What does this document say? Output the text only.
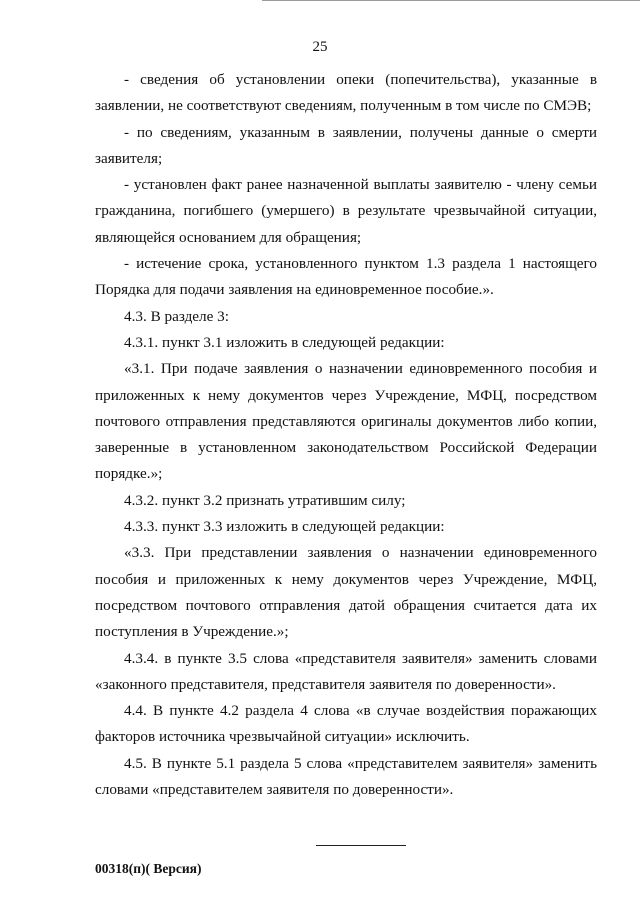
25

- сведения об установлении опеки (попечительства), указанные в заявлении, не соответствуют сведениям, полученным в том числе по СМЭВ;

- по сведениям, указанным в заявлении, получены данные о смерти заявителя;

- установлен факт ранее назначенной выплаты заявителю - члену семьи гражданина, погибшего (умершего) в результате чрезвычайной ситуации, являющейся основанием для обращения;

- истечение срока, установленного пунктом 1.3 раздела 1 настоящего Порядка для подачи заявления на единовременное пособие.».

4.3. В разделе 3:

4.3.1. пункт 3.1 изложить в следующей редакции:

«3.1. При подаче заявления о назначении единовременного пособия и приложенных к нему документов через Учреждение, МФЦ, посредством почтового отправления представляются оригиналы документов либо копии, заверенные в установленном законодательством Российской Федерации порядке.»;

4.3.2. пункт 3.2 признать утратившим силу;

4.3.3. пункт 3.3 изложить в следующей редакции:

«3.3. При представлении заявления о назначении единовременного пособия и приложенных к нему документов через Учреждение, МФЦ, посредством почтового отправления датой обращения считается дата их поступления в Учреждение.»;

4.3.4. в пункте 3.5 слова «представителя заявителя» заменить словами «законного представителя, представителя заявителя по доверенности».

4.4. В пункте 4.2 раздела 4 слова «в случае воздействия поражающих факторов источника чрезвычайной ситуации» исключить.

4.5. В пункте 5.1 раздела 5 слова «представителем заявителя» заменить словами «представителем заявителя по доверенности».

00318(п)( Версия)
